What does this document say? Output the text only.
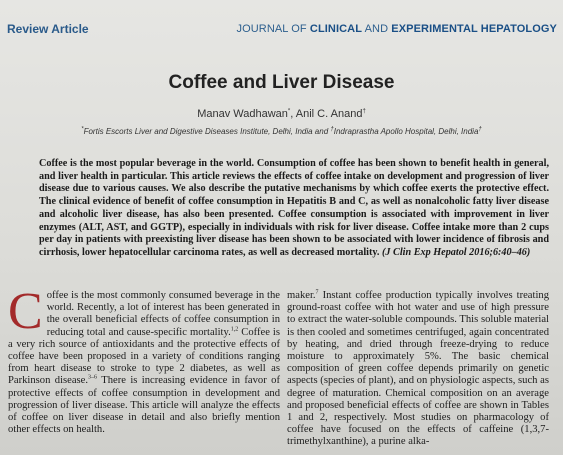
Review Article	JOURNAL OF CLINICAL AND EXPERIMENTAL HEPATOLOGY
Coffee and Liver Disease
Manav Wadhawan*, Anil C. Anand†
*Fortis Escorts Liver and Digestive Diseases Institute, Delhi, India and †Indraprastha Apollo Hospital, Delhi, India†
Coffee is the most popular beverage in the world. Consumption of coffee has been shown to benefit health in general, and liver health in particular. This article reviews the effects of coffee intake on development and progression of liver disease due to various causes. We also describe the putative mechanisms by which coffee exerts the protective effect. The clinical evidence of benefit of coffee consumption in Hepatitis B and C, as well as nonalcoholic fatty liver disease and alcoholic liver disease, has also been presented. Coffee consumption is associated with improvement in liver enzymes (ALT, AST, and GGTP), especially in individuals with risk for liver disease. Coffee intake more than 2 cups per day in patients with preexisting liver disease has been shown to be associated with lower incidence of fibrosis and cirrhosis, lower hepatocellular carcinoma rates, as well as decreased mortality. (J Clin Exp Hepatol 2016;6:40–46)
Coffee is the most commonly consumed beverage in the world. Recently, a lot of interest has been generated in the overall beneficial effects of coffee consumption in reducing total and cause-specific mortality.$^{1,2}$ Coffee is a very rich source of antioxidants and the protective effects of coffee have been proposed in a variety of conditions ranging from heart disease to stroke to type 2 diabetes, as well as Parkinson disease.$^{3-6}$ There is increasing evidence in favor of protective effects of coffee consumption in development and progression of liver disease. This article will analyze the effects of coffee on liver disease in detail and also briefly mention other effects on health.
maker.$^7$ Instant coffee production typically involves treating ground-roast coffee with hot water and use of high pressure to extract the water-soluble compounds. This soluble material is then cooled and sometimes centrifuged, again concentrated by heating, and dried through freeze-drying to reduce moisture to approximately 5%. The basic chemical composition of green coffee depends primarily on genetic aspects (species of plant), and on physiologic aspects, such as degree of maturation. Chemical composition on an average and proposed beneficial effects of coffee are shown in Tables 1 and 2, respectively. Most studies on pharmacology of coffee have focused on the effects of caffeine (1,3,7-trimethylxanthine), a purine alka-
